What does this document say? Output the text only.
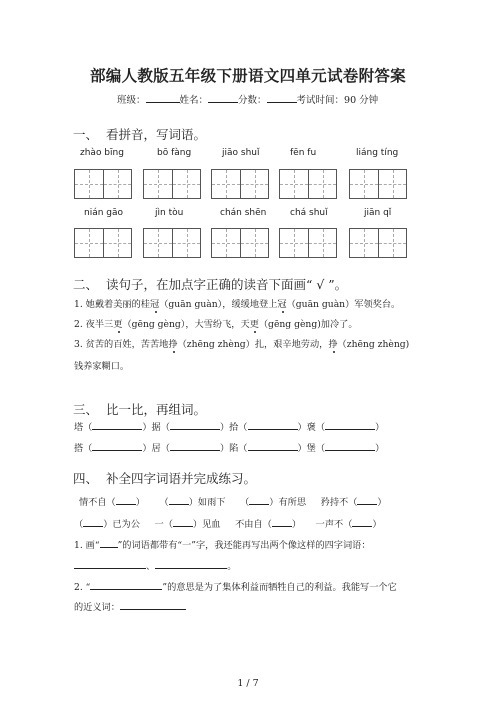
部编人教版五年级下册语文四单元试卷附答案
班级：	姓名：	分数：	考试时间：90 分钟
一、 看拼音，写词语。
zhào bīng	bō fàng	jiāo shuǐ	fēn fu	liáng tíng
nián gāo	jìn tòu	chán shēn	chá shuǐ	jiān qǐ
二、 读句子，在加点字正确的读音下面画“ √ ”。
1. 她戴着美丽的桂冠（guān guàn），缓缓地登上冠（guān guàn）军领奖台。
2. 夜半三更（gēng gèng），大雪纷飞，天更（gēng gèng)加冷了。
3. 贫苦的百姓，苦苦地挣（zhēng zhèng）扎，艰辛地劳动，挣（zhēng zhèng)
钱养家糊口。
三、 比一比，再组词。
塔（	）据（	）拾（	）褒（	）
搭（	）居（	）陷（	）堡（	）
四、 补全四字词语并完成练习。
情不自（ ） （ ）如雨下 （ ）有所思 矜持不（ ）
（ ）已为公 一（ ）见血 不由自（ ） 一声不（ ）
1. 画“ ”的词语都带有“一”字，我还能再写出两个像这样的四字词语：
、	。
2. “	”的意思是为了集体利益而牺牲自己的利益。我能写一个它
的近义词：
1 / 7
